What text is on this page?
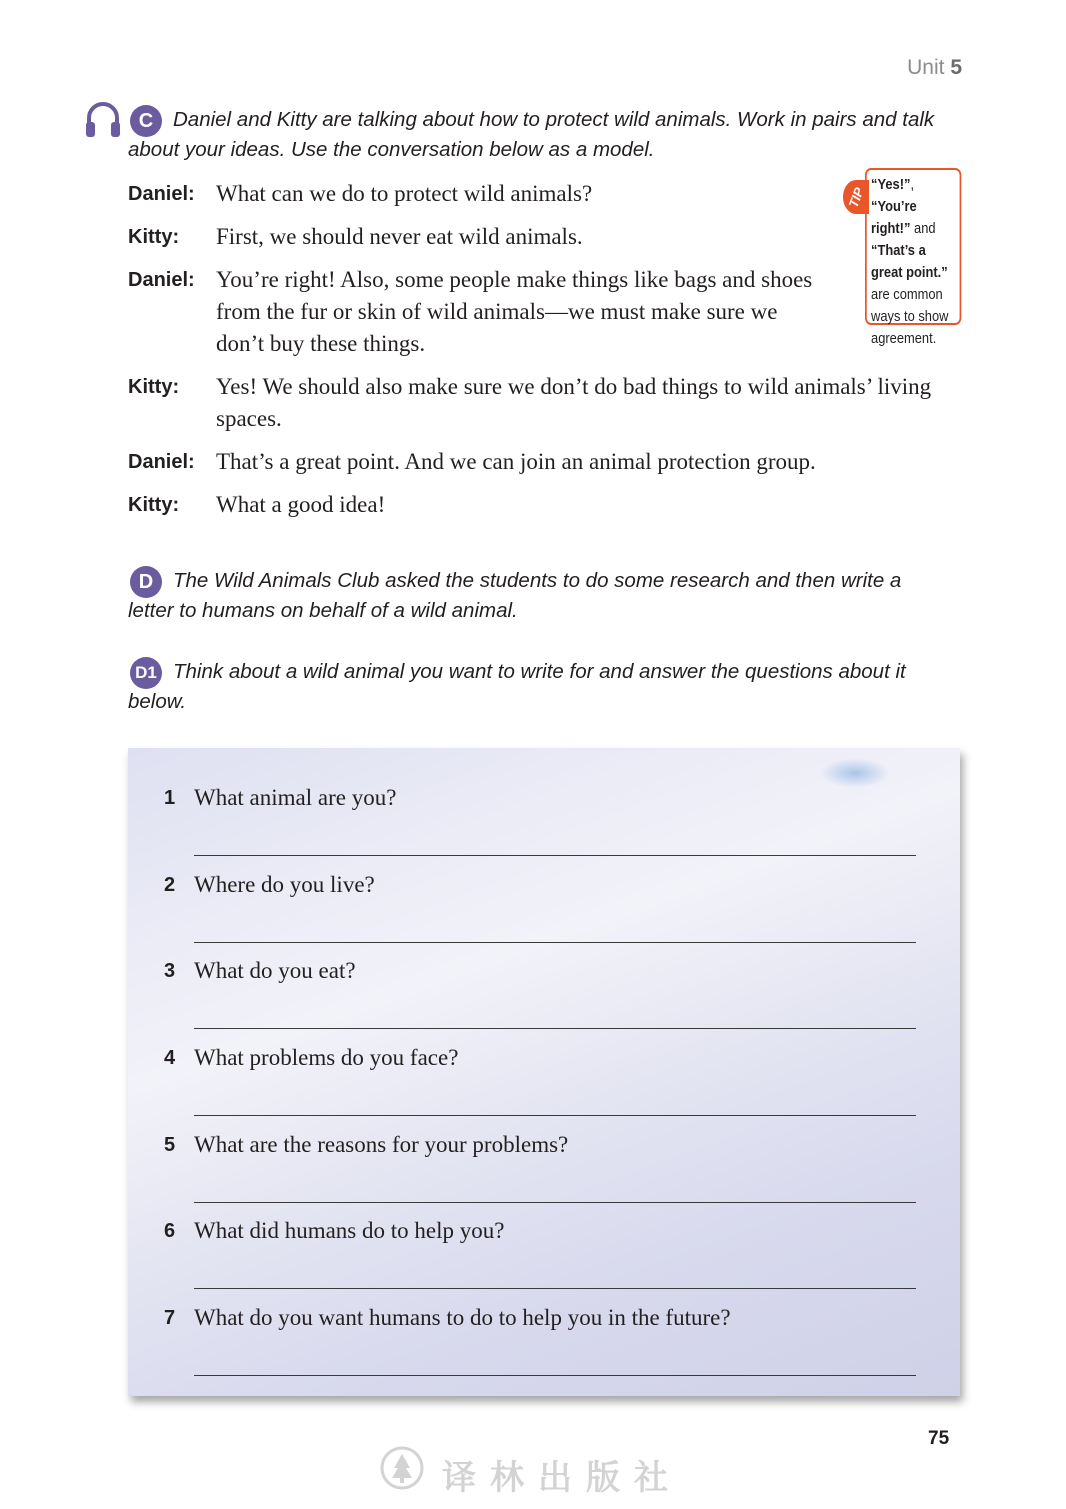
Unit 5
C Daniel and Kitty are talking about how to protect wild animals. Work in pairs and talk about your ideas. Use the conversation below as a model.
Daniel: What can we do to protect wild animals?
Kitty:	First, we should never eat wild animals.
Daniel: You’re right! Also, some people make things like bags and shoes from the fur or skin of wild animals—we must make sure we don’t buy these things.
Kitty:	Yes! We should also make sure we don’t do bad things to wild animals’ living spaces.
Daniel: That’s a great point. And we can join an animal protection group.
Kitty:	What a good idea!
“Yes!”, “You’re right!” and “That’s a great point.” are common ways to show agreement.
TIP
D The Wild Animals Club asked the students to do some research and then write a letter to humans on behalf of a wild animal.
D1 Think about a wild animal you want to write for and answer the questions about it below.
1 What animal are you?
2 Where do you live?
3 What do you eat?
4 What problems do you face?
5 What are the reasons for your problems?
6 What did humans do to help you?
7 What do you want humans to do to help you in the future?
75
译林出版社
